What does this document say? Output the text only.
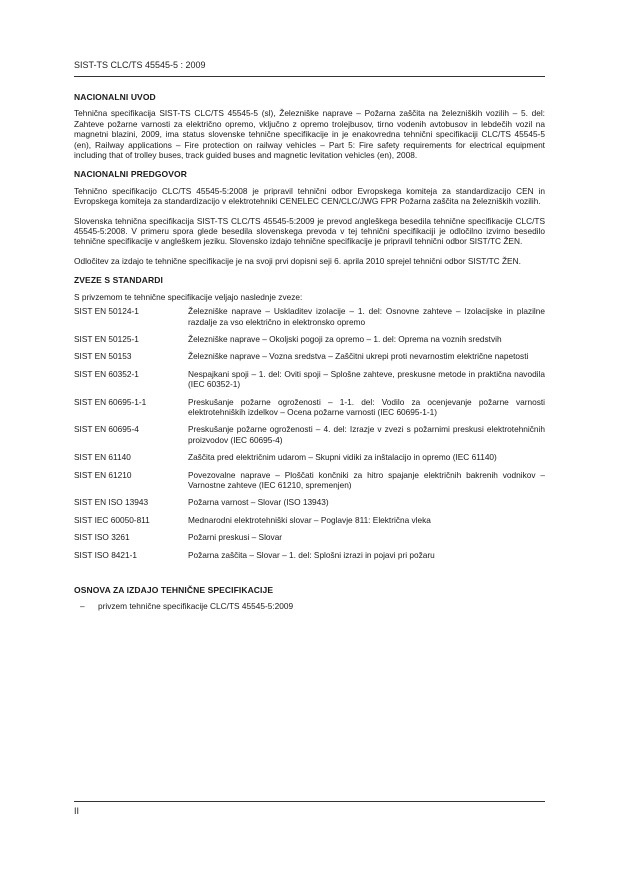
SIST-TS CLC/TS 45545-5 : 2009
NACIONALNI UVOD

Tehnična specifikacija SIST-TS CLC/TS 45545-5 (sl), Železniške naprave – Požarna zaščita na železniških vozilih – 5. del: Zahteve požarne varnosti za električno opremo, vključno z opremo trolejbusov, tirno vodenih avtobusov in lebdečih vozil na magnetni blazini, 2009, ima status slovenske tehnične specifikacije in je enakovredna tehnični specifikaciji CLC/TS 45545-5 (en), Railway applications – Fire protection on railway vehicles – Part 5: Fire safety requirements for electrical equipment including that of trolley buses, track guided buses and magnetic levitation vehicles (en), 2008.

NACIONALNI PREDGOVOR

Tehnično specifikacijo CLC/TS 45545-5:2008 je pripravil tehnični odbor Evropskega komiteja za standardizacijo CEN in Evropskega komiteja za standardizacijo v elektrotehniki CENELEC CEN/CLC/JWG FPR Požarna zaščita na železniških vozilih.

Slovenska tehnična specifikacija SIST-TS CLC/TS 45545-5:2009 je prevod angleškega besedila tehnične specifikacije CLC/TS 45545-5:2008. V primeru spora glede besedila slovenskega prevoda v tej tehnični specifikaciji je odločilno izvirno besedilo tehnične specifikacije v angleškem jeziku. Slovensko izdajo tehnične specifikacije je pripravil tehnični odbor SIST/TC ŽEN.

Odločitev za izdajo te tehnične specifikacije je na svoji prvi dopisni seji 6. aprila 2010 sprejel tehnični odbor SIST/TC ŽEN.

ZVEZE S STANDARDI

S privzemom te tehnične specifikacije veljajo naslednje zveze:

SIST EN 50124-1	Železniške naprave – Uskladitev izolacije – 1. del: Osnovne zahteve – Izolacijske in plazilne razdalje za vso električno in elektronsko opremo
SIST EN 50125-1	Železniške naprave – Okoljski pogoji za opremo – 1. del: Oprema na voznih sredstvih
SIST EN 50153	Železniške naprave – Vozna sredstva – Zaščitni ukrepi proti nevarnostim električne napetosti
SIST EN 60352-1	Nespajkani spoji – 1. del: Oviti spoji – Splošne zahteve, preskusne metode in praktična navodila (IEC 60352-1)
SIST EN 60695-1-1	Preskušanje požarne ogroženosti – 1-1. del: Vodilo za ocenjevanje požarne varnosti elektrotehniških izdelkov – Ocena požarne varnosti (IEC 60695-1-1)
SIST EN 60695-4	Preskušanje požarne ogroženosti – 4. del: Izrazje v zvezi s požarnimi preskusi elektrotehničnih proizvodov (IEC 60695-4)
SIST EN 61140	Zaščita pred električnim udarom – Skupni vidiki za inštalacijo in opremo (IEC 61140)
SIST EN 61210	Povezovalne naprave – Ploščati končniki za hitro spajanje električnih bakrenih vodnikov – Varnostne zahteve (IEC 61210, spremenjen)
SIST EN ISO 13943	Požarna varnost – Slovar (ISO 13943)
SIST IEC 60050-811	Mednarodni elektrotehniški slovar – Poglavje 811: Električna vleka
SIST ISO 3261	Požarni preskusi – Slovar
SIST ISO 8421-1	Požarna zaščita – Slovar – 1. del: Splošni izrazi in pojavi pri požaru
OSNOVA ZA IZDAJO TEHNIČNE SPECIFIKACIJE
–	privzem tehnične specifikacije CLC/TS 45545-5:2009
II
